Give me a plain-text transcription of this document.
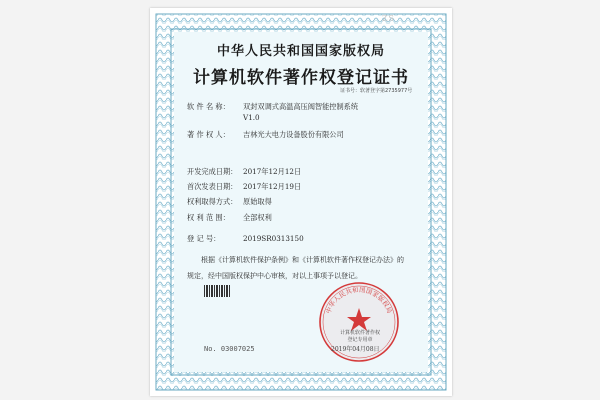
ZS
中华人民共和国国家版权局
计算机软件著作权登记证书
证书号：软著登字第2735977号
软 件 名 称： 双封双调式高温高压阀智能控制系统
V1.0
著 作 权 人： 吉林光大电力设备股份有限公司
开发完成日期： 2017年12月12日
首次发表日期： 2017年12月19日
权利取得方式： 原始取得
权 利 范 围： 全部权利
登 记 号：	2019SR0313150

根据《计算机软件保护条例》和《计算机软件著作权登记办法》的

规定，经中国版权保护中心审核，对以上事项予以登记。

No. 03007025
中华人民共和国国家版权局
计算机软件著作权
登记专用章
2019年04月08日
